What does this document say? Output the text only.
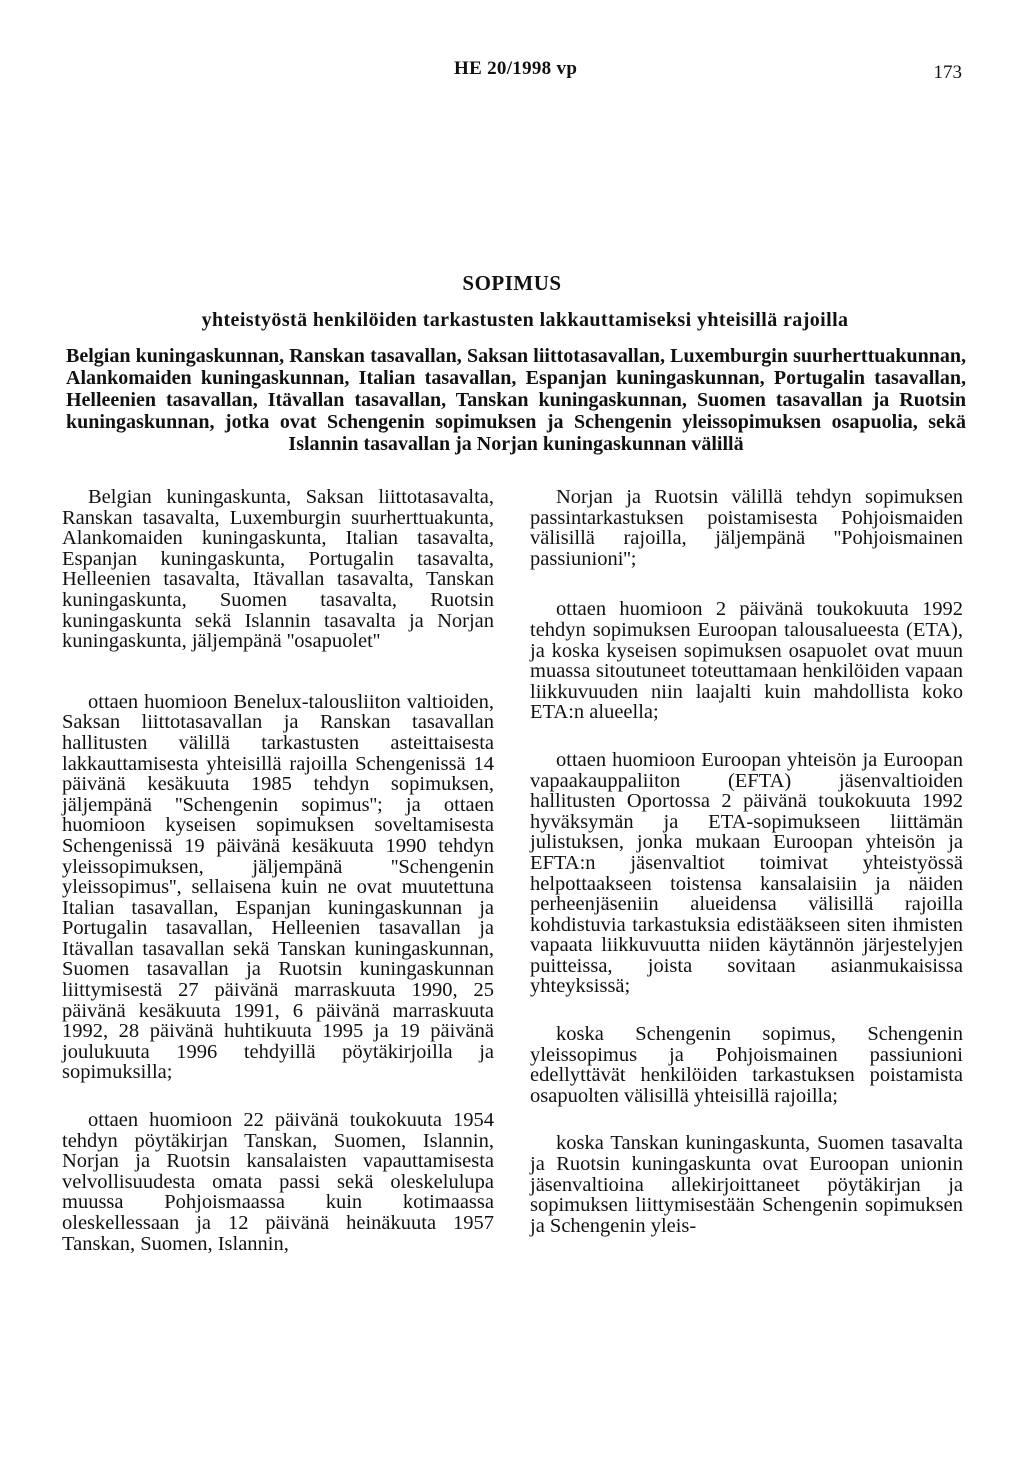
HE 20/1998 vp	173
SOPIMUS
yhteistyöstä henkilöiden tarkastusten lakkauttamiseksi yhteisillä rajoilla
Belgian kuningaskunnan, Ranskan tasavallan, Saksan liittotasavallan, Luxemburgin suurherttuakunnan, Alankomaiden kuningaskunnan, Italian tasavallan, Espanjan kuningaskunnan, Portugalin tasavallan, Helleenien tasavallan, Itävallan tasavallan, Tanskan kuningaskunnan, Suomen tasavallan ja Ruotsin kuningaskunnan, jotka ovat Schengenin sopimuksen ja Schengenin yleissopimuksen osapuolia, sekä Islannin tasavallan ja Norjan kuningaskunnan välillä

Belgian kuningaskunta, Saksan liittotasavalta, Ranskan tasavalta, Luxemburgin suurherttuakunta, Alankomaiden kuningaskunta, Italian tasavalta, Espanjan kuningaskunta, Portugalin tasavalta, Helleenien tasavalta, Itävallan tasavalta, Tanskan kuningaskunta, Suomen tasavalta, Ruotsin kuningaskunta sekä Islannin tasavalta ja Norjan kuningaskunta, jäljempänä ''osapuolet''

ottaen huomioon Benelux-talousliiton valtioiden, Saksan liittotasavallan ja Ranskan tasavallan hallitusten välillä tarkastusten asteittaisesta lakkauttamisesta yhteisillä rajoilla Schengenissä 14 päivänä kesäkuuta 1985 tehdyn sopimuksen, jäljempänä ''Schengenin sopimus''; ja ottaen huomioon kyseisen sopimuksen soveltamisesta Schengenissä 19 päivänä kesäkuuta 1990 tehdyn yleissopimuksen, jäljempänä ''Schengenin yleissopimus'', sellaisena kuin ne ovat muutettuna Italian tasavallan, Espanjan kuningaskunnan ja Portugalin tasavallan, Helleenien tasavallan ja Itävallan tasavallan sekä Tanskan kuningaskunnan, Suomen tasavallan ja Ruotsin kuningaskunnan liittymisestä 27 päivänä marraskuuta 1990, 25 päivänä kesäkuuta 1991, 6 päivänä marraskuuta 1992, 28 päivänä huhtikuuta 1995 ja 19 päivänä joulukuuta 1996 tehdyillä pöytäkirjoilla ja sopimuksilla;

ottaen huomioon 22 päivänä toukokuuta 1954 tehdyn pöytäkirjan Tanskan, Suomen, Islannin, Norjan ja Ruotsin kansalaisten vapauttamisesta velvollisuudesta omata passi sekä oleskelulupa muussa Pohjoismaassa kuin kotimaassa oleskellessaan ja 12 päivänä heinäkuuta 1957 Tanskan, Suomen, Islannin,

Norjan ja Ruotsin välillä tehdyn sopimuksen passintarkastuksen poistamisesta Pohjoismaiden välisillä rajoilla, jäljempänä ''Pohjoismainen passiunioni'';

ottaen huomioon 2 päivänä toukokuuta 1992 tehdyn sopimuksen Euroopan talousalueesta (ETA), ja koska kyseisen sopimuksen osapuolet ovat muun muassa sitoutuneet toteuttamaan henkilöiden vapaan liikkuvuuden niin laajalti kuin mahdollista koko ETA:n alueella;

ottaen huomioon Euroopan yhteisön ja Euroopan vapaakauppaliiton (EFTA) jäsenvaltioiden hallitusten Oportossa 2 päivänä toukokuuta 1992 hyväksymän ja ETA-sopimukseen liittämän julistuksen, jonka mukaan Euroopan yhteisön ja EFTA:n jäsenvaltiot toimivat yhteistyössä helpottaakseen toistensa kansalaisiin ja näiden perheenjäseniin alueidensa välisillä rajoilla kohdistuvia tarkastuksia edistääkseen siten ihmisten vapaata liikkuvuutta niiden käytännön järjestelyjen puitteissa, joista sovitaan asianmukaisissa yhteyksissä;

koska Schengenin sopimus, Schengenin yleissopimus ja Pohjoismainen passiunioni edellyttävät henkilöiden tarkastuksen poistamista osapuolten välisillä yhteisillä rajoilla;

koska Tanskan kuningaskunta, Suomen tasavalta ja Ruotsin kuningaskunta ovat Euroopan unionin jäsenvaltioina allekirjoittaneet pöytäkirjan ja sopimuksen liittymisestään Schengenin sopimuksen ja Schengenin yleis-
